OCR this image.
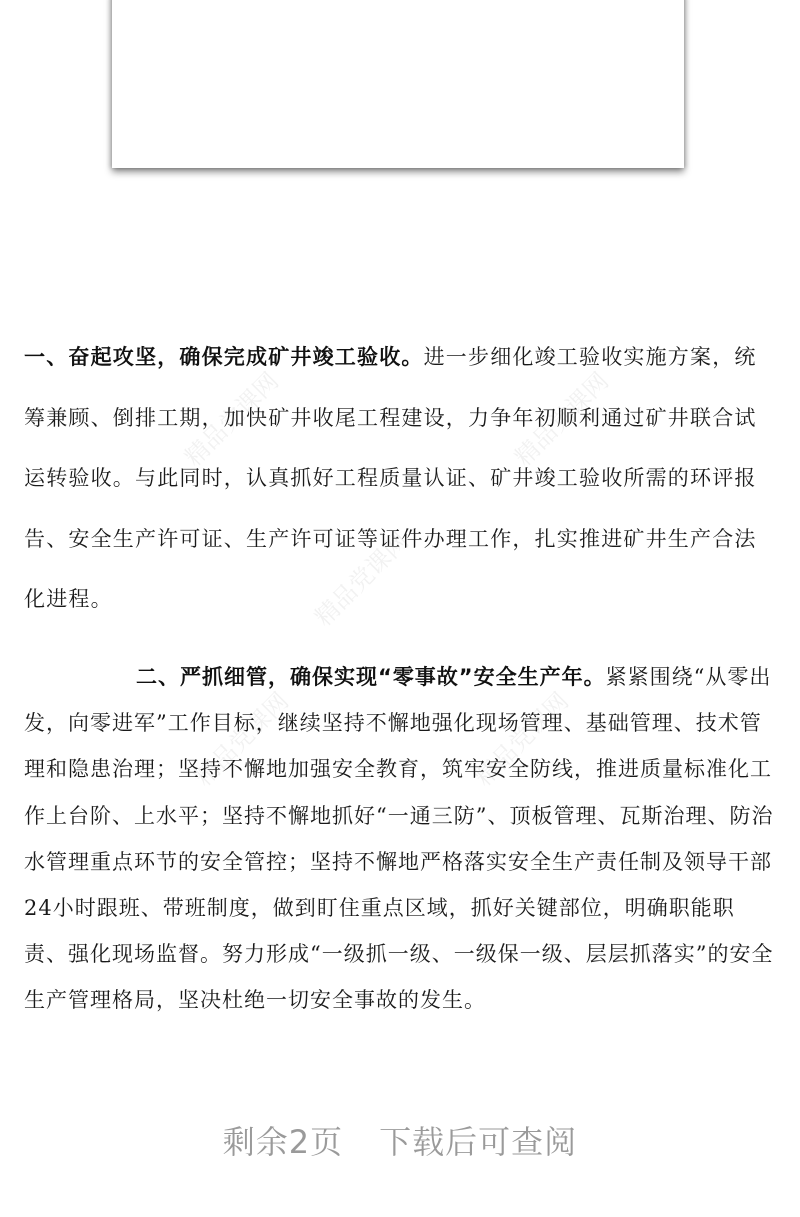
精品党课网	精品党课网
精品党课网
精品党课网	精品党课网

一、奋起攻坚，确保完成矿井竣工验收。进一步细化竣工验收实施方案，统筹兼顾、倒排工期，加快矿井收尾工程建设，力争年初顺利通过矿井联合试运转验收。与此同时，认真抓好工程质量认证、矿井竣工验收所需的环评报告、安全生产许可证、生产许可证等证件办理工作，扎实推进矿井生产合法化进程。

二、严抓细管，确保实现“零事故”安全生产年。紧紧围绕“从零出发，向零进军”工作目标，继续坚持不懈地强化现场管理、基础管理、技术管理和隐患治理；坚持不懈地加强安全教育，筑牢安全防线，推进质量标准化工作上台阶、上水平；坚持不懈地抓好“一通三防”、顶板管理、瓦斯治理、防治水管理重点环节的安全管控；坚持不懈地严格落实安全生产责任制及领导干部24小时跟班、带班制度，做到盯住重点区域，抓好关键部位，明确职能职责、强化现场监督。努力形成“一级抓一级、一级保一级、层层抓落实”的安全生产管理格局，坚决杜绝一切安全事故的发生。

剩余2页 下载后可查阅
